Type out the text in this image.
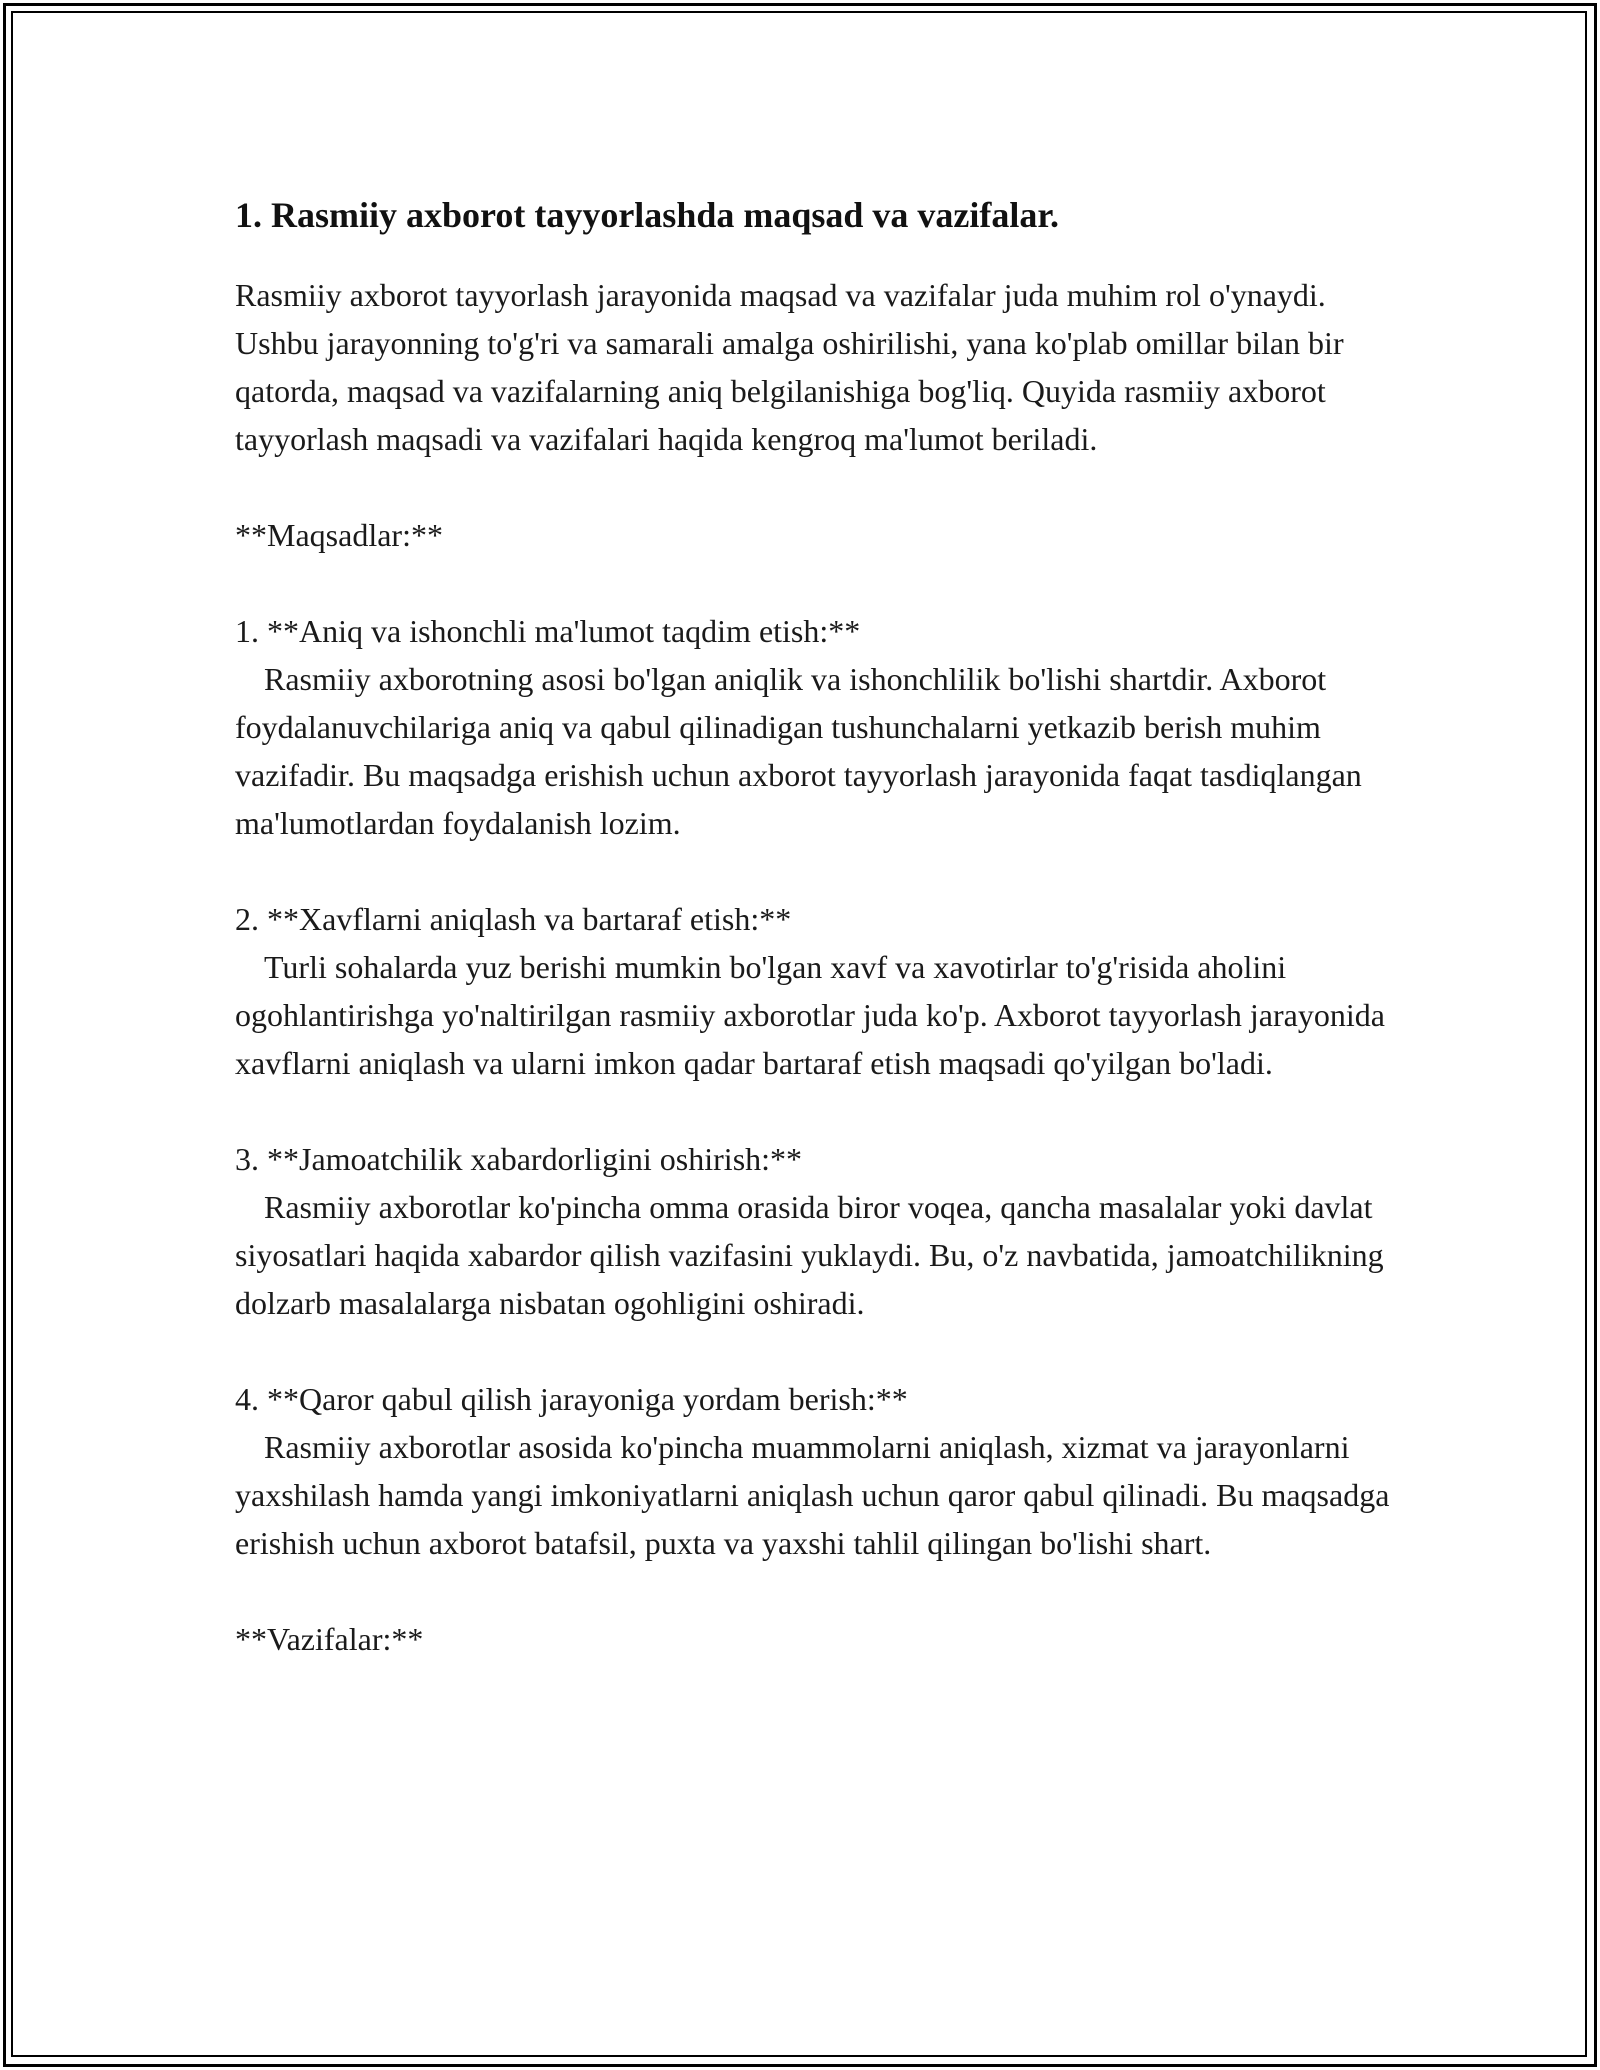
1. Rasmiiy axborot tayyorlashda maqsad va vazifalar.

Rasmiiy axborot tayyorlash jarayonida maqsad va vazifalar juda muhim rol o'ynaydi. Ushbu jarayonning to'g'ri va samarali amalga oshirilishi, yana ko'plab omillar bilan bir qatorda, maqsad va vazifalarning aniq belgilanishiga bog'liq. Quyida rasmiiy axborot tayyorlash maqsadi va vazifalari haqida kengroq ma'lumot beriladi.

**Maqsadlar:**

1. **Aniq va ishonchli ma'lumot taqdim etish:**

Rasmiiy axborotning asosi bo'lgan aniqlik va ishonchlilik bo'lishi shartdir. Axborot foydalanuvchilariga aniq va qabul qilinadigan tushunchalarni yetkazib berish muhim vazifadir. Bu maqsadga erishish uchun axborot tayyorlash jarayonida faqat tasdiqlangan ma'lumotlardan foydalanish lozim.

2. **Xavflarni aniqlash va bartaraf etish:**

Turli sohalarda yuz berishi mumkin bo'lgan xavf va xavotirlar to'g'risida aholini ogohlantirishga yo'naltirilgan rasmiiy axborotlar juda ko'p. Axborot tayyorlash jarayonida xavflarni aniqlash va ularni imkon qadar bartaraf etish maqsadi qo'yilgan bo'ladi.

3. **Jamoatchilik xabardorligini oshirish:**

Rasmiiy axborotlar ko'pincha omma orasida biror voqea, qancha masalalar yoki davlat siyosatlari haqida xabardor qilish vazifasini yuklaydi. Bu, o'z navbatida, jamoatchilikning dolzarb masalalarga nisbatan ogohligini oshiradi.

4. **Qaror qabul qilish jarayoniga yordam berish:**

Rasmiiy axborotlar asosida ko'pincha muammolarni aniqlash, xizmat va jarayonlarni yaxshilash hamda yangi imkoniyatlarni aniqlash uchun qaror qabul qilinadi. Bu maqsadga erishish uchun axborot batafsil, puxta va yaxshi tahlil qilingan bo'lishi shart.

**Vazifalar:**
